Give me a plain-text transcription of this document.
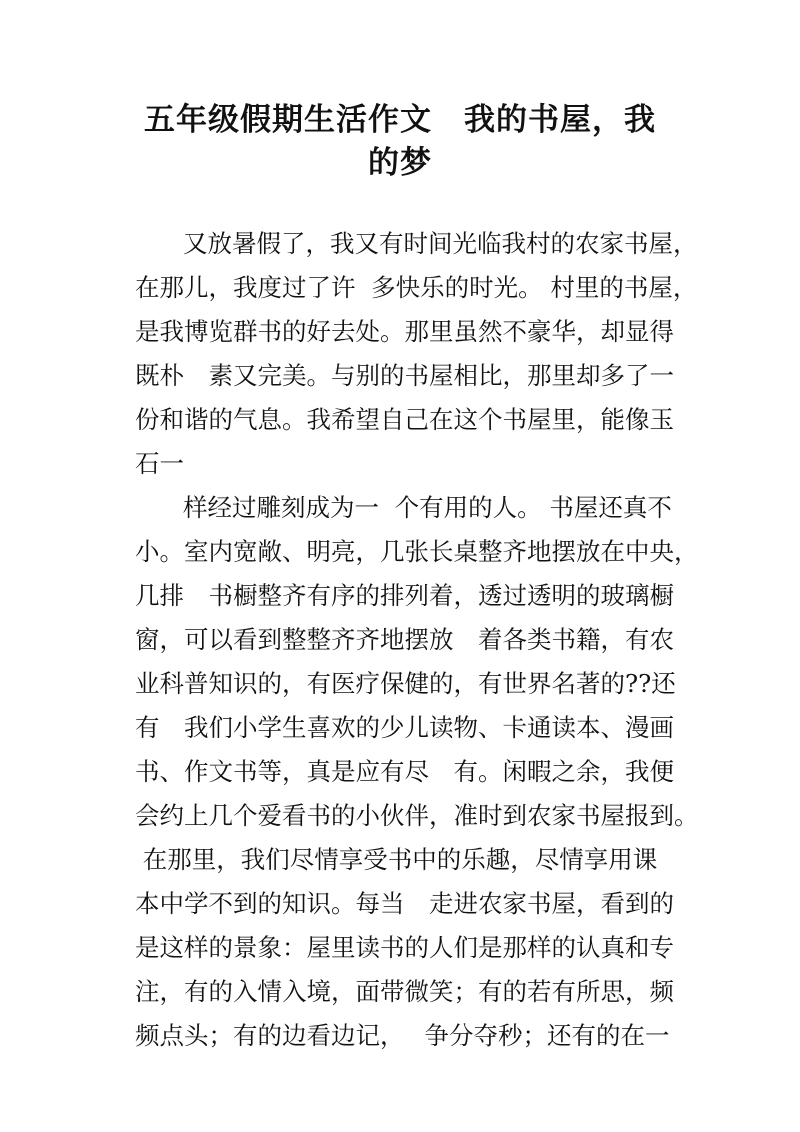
五年级假期生活作文　我的书屋，我
的梦

又放暑假了，我又有时间光临我村的农家书屋，

在那儿，我度过了许  多快乐的时光。 村里的书屋，

是我博览群书的好去处。那里虽然不豪华，却显得

既朴　素又完美。与别的书屋相比，那里却多了一

份和谐的气息。我希望自己在这个书屋里，能像玉

石一

样经过雕刻成为一  个有用的人。 书屋还真不

小。室内宽敞、明亮，几张长桌整齐地摆放在中央，

几排　书橱整齐有序的排列着，透过透明的玻璃橱

窗，可以看到整整齐齐地摆放　着各类书籍，有农

业科普知识的，有医疗保健的，有世界名著的??还

有　我们小学生喜欢的少儿读物、卡通读本、漫画

书、作文书等，真是应有尽　有。闲暇之余，我便

会约上几个爱看书的小伙伴，准时到农家书屋报到。

在那里，我们尽情享受书中的乐趣，尽情享用课

本中学不到的知识。每当　走进农家书屋，看到的

是这样的景象：屋里读书的人们是那样的认真和专

注，有的入情入境，面带微笑；有的若有所思，频

频点头；有的边看边记，　 争分夺秒；还有的在一
